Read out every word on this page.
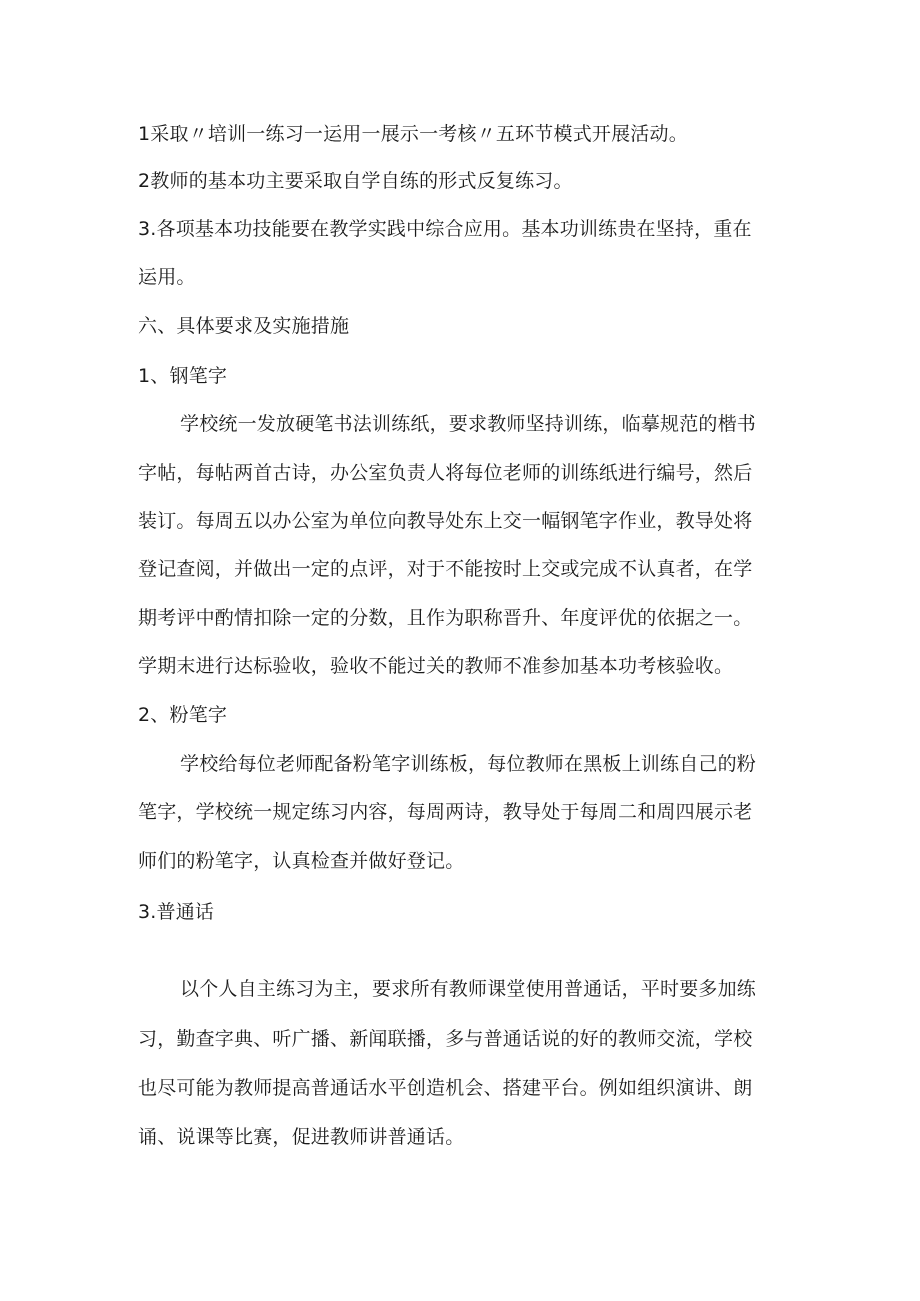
1采取〃培训一练习一运用一展示一考核〃五环节模式开展活动。
2教师的基本功主要采取自学自练的形式反复练习。
3.各项基本功技能要在教学实践中综合应用。基本功训练贵在坚持，重在
运用。
六、具体要求及实施措施
1、钢笔字
学校统一发放硬笔书法训练纸，要求教师坚持训练，临摹规范的楷书
字帖，每帖两首古诗，办公室负责人将每位老师的训练纸进行编号，然后
装订。每周五以办公室为单位向教导处东上交一幅钢笔字作业，教导处将
登记查阅，并做出一定的点评，对于不能按时上交或完成不认真者，在学
期考评中酌情扣除一定的分数，且作为职称晋升、年度评优的依据之一。
学期末进行达标验收，验收不能过关的教师不准参加基本功考核验收。
2、粉笔字
学校给每位老师配备粉笔字训练板，每位教师在黑板上训练自己的粉
笔字，学校统一规定练习内容，每周两诗，教导处于每周二和周四展示老
师们的粉笔字，认真检查并做好登记。
3.普通话
以个人自主练习为主，要求所有教师课堂使用普通话，平时要多加练
习，勤查字典、听广播、新闻联播，多与普通话说的好的教师交流，学校
也尽可能为教师提高普通话水平创造机会、搭建平台。例如组织演讲、朗
诵、说课等比赛，促进教师讲普通话。
